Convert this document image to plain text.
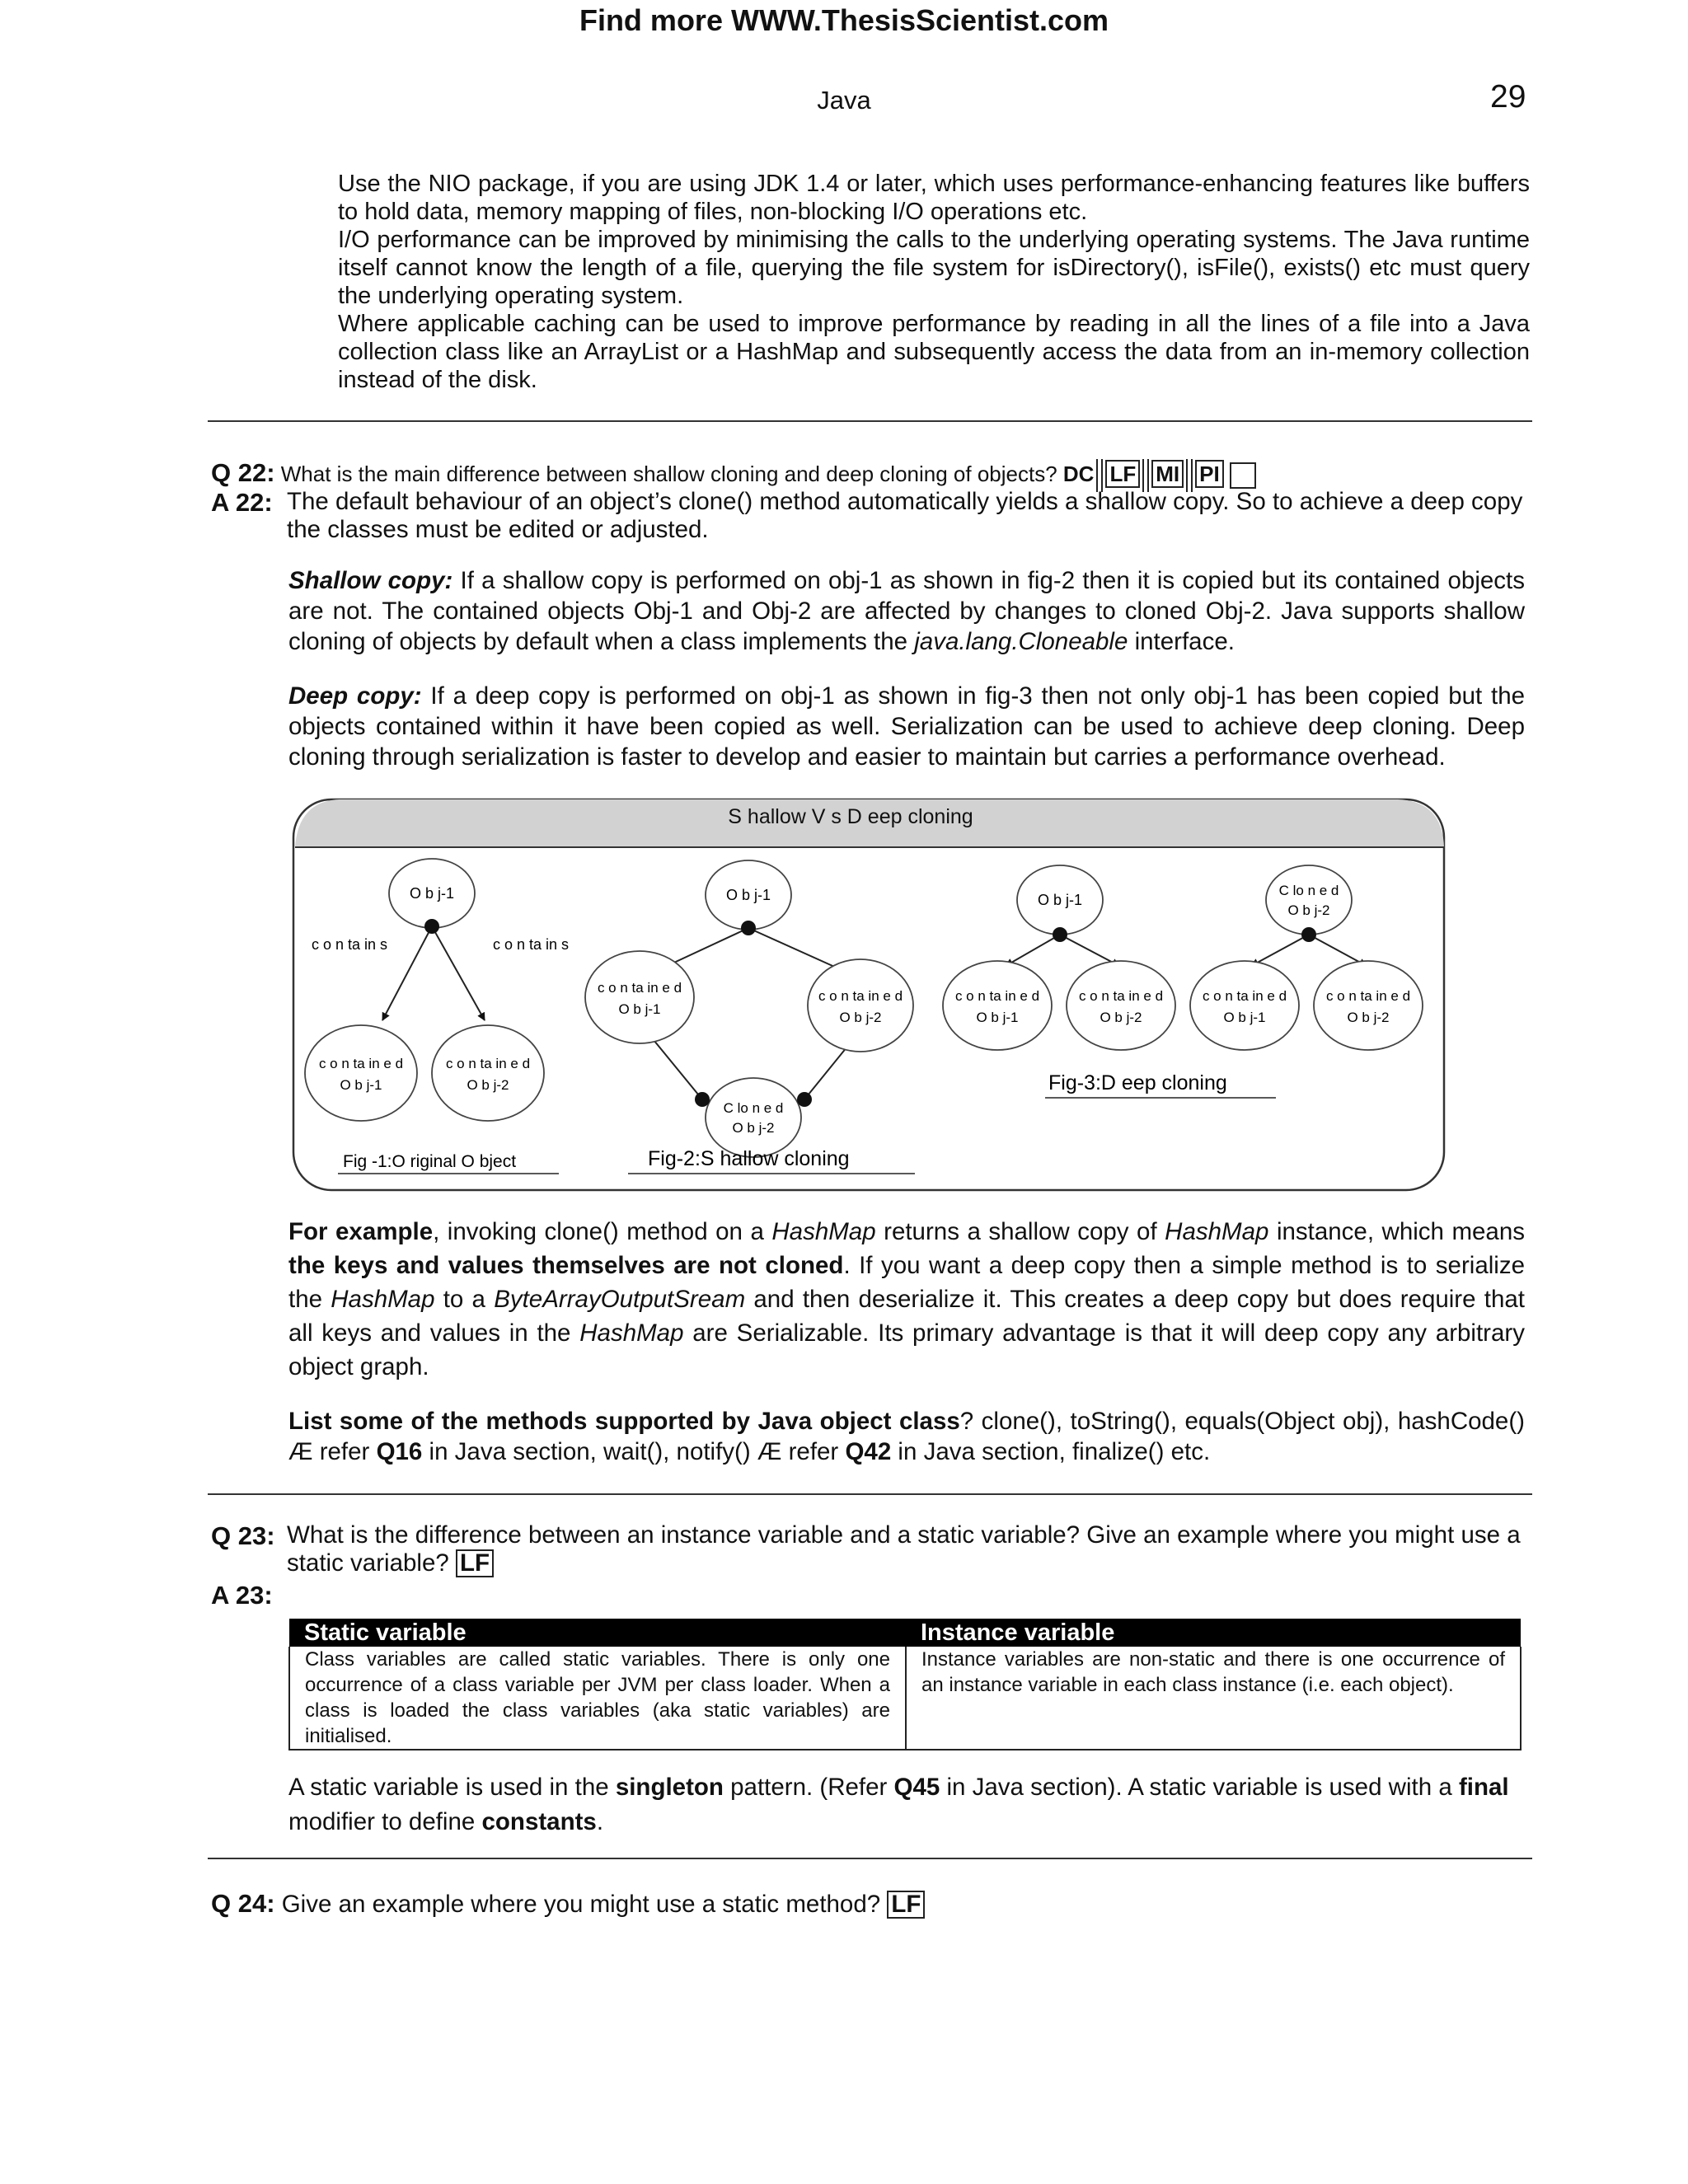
Find more WWW.ThesisScientist.com
Java	29
Use the NIO package, if you are using JDK 1.4 or later, which uses performance-enhancing features like buffers to hold data, memory mapping of files, non-blocking I/O operations etc.
I/O performance can be improved by minimising the calls to the underlying operating systems. The Java runtime itself cannot know the length of a file, querying the file system for isDirectory(), isFile(), exists() etc must query the underlying operating system.
Where applicable caching can be used to improve performance by reading in all the lines of a file into a Java collection class like an ArrayList or a HashMap and subsequently access the data from an in-memory collection instead of the disk.
Q 22: What is the main difference between shallow cloning and deep cloning of objects? DC LF MI PI
A 22: The default behaviour of an object’s clone() method automatically yields a shallow copy. So to achieve a deep copy the classes must be edited or adjusted.
Shallow copy: If a shallow copy is performed on obj-1 as shown in fig-2 then it is copied but its contained objects are not. The contained objects Obj-1 and Obj-2 are affected by changes to cloned Obj-2. Java supports shallow cloning of objects by default when a class implements the java.lang.Cloneable interface.
Deep copy: If a deep copy is performed on obj-1 as shown in fig-3 then not only obj-1 has been copied but the objects contained within it have been copied as well. Serialization can be used to achieve deep cloning. Deep cloning through serialization is faster to develop and easier to maintain but carries a performance overhead.
S hallow V s D eep cloning
O b j-1
c o n ta in s	c o n ta in s
c o n ta in e d
O b j-1
c o n ta in e d
O b j-2
Fig -1:O riginal O bject
O b j-1
c o n ta in e d
O b j-1
c o n ta in e d
O b j-2
C lo n e d
O b j-2
Fig-2:S hallow cloning
O b j-1
C lo n e d
O b j-2
c o n ta in e d
O b j-1
c o n ta in e d
O b j-2
c o n ta in e d
O b j-1
c o n ta in e d
O b j-2
Fig-3:D eep cloning
For example, invoking clone() method on a HashMap returns a shallow copy of HashMap instance, which means the keys and values themselves are not cloned. If you want a deep copy then a simple method is to serialize the HashMap to a ByteArrayOutputSream and then deserialize it. This creates a deep copy but does require that all keys and values in the HashMap are Serializable. Its primary advantage is that it will deep copy any arbitrary object graph.
List some of the methods supported by Java object class? clone(), toString(), equals(Object obj), hashCode() Æ refer Q16 in Java section, wait(), notify() Æ refer Q42 in Java section, finalize() etc.
Q 23: What is the difference between an instance variable and a static variable? Give an example where you might use a static variable? LF
A 23:
Static variable	Instance variable
Class variables are called static variables. There is only one occurrence of a class variable per JVM per class loader. When a class is loaded the class variables (aka static variables) are initialised.	Instance variables are non-static and there is one occurrence of an instance variable in each class instance (i.e. each object).
A static variable is used in the singleton pattern. (Refer Q45 in Java section). A static variable is used with a final modifier to define constants.
Q 24: Give an example where you might use a static method? LF
